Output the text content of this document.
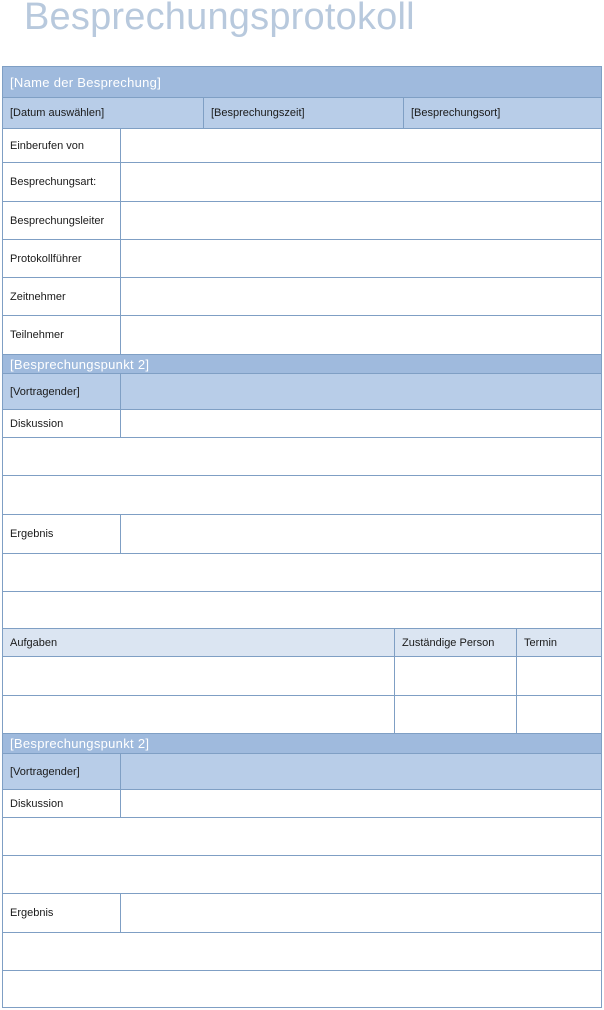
Besprechungsprotokoll
[Name der Besprechung]
[Datum auswählen]	[Besprechungszeit]	[Besprechungsort]
Einberufen von
Besprechungsart:
Besprechungsleiter
Protokollführer
Zeitnehmer
Teilnehmer
[Besprechungspunkt 2]
[Vortragender]
Diskussion
Ergebnis
Aufgaben	Zuständige Person	Termin
[Besprechungspunkt 2]
[Vortragender]
Diskussion
Ergebnis
